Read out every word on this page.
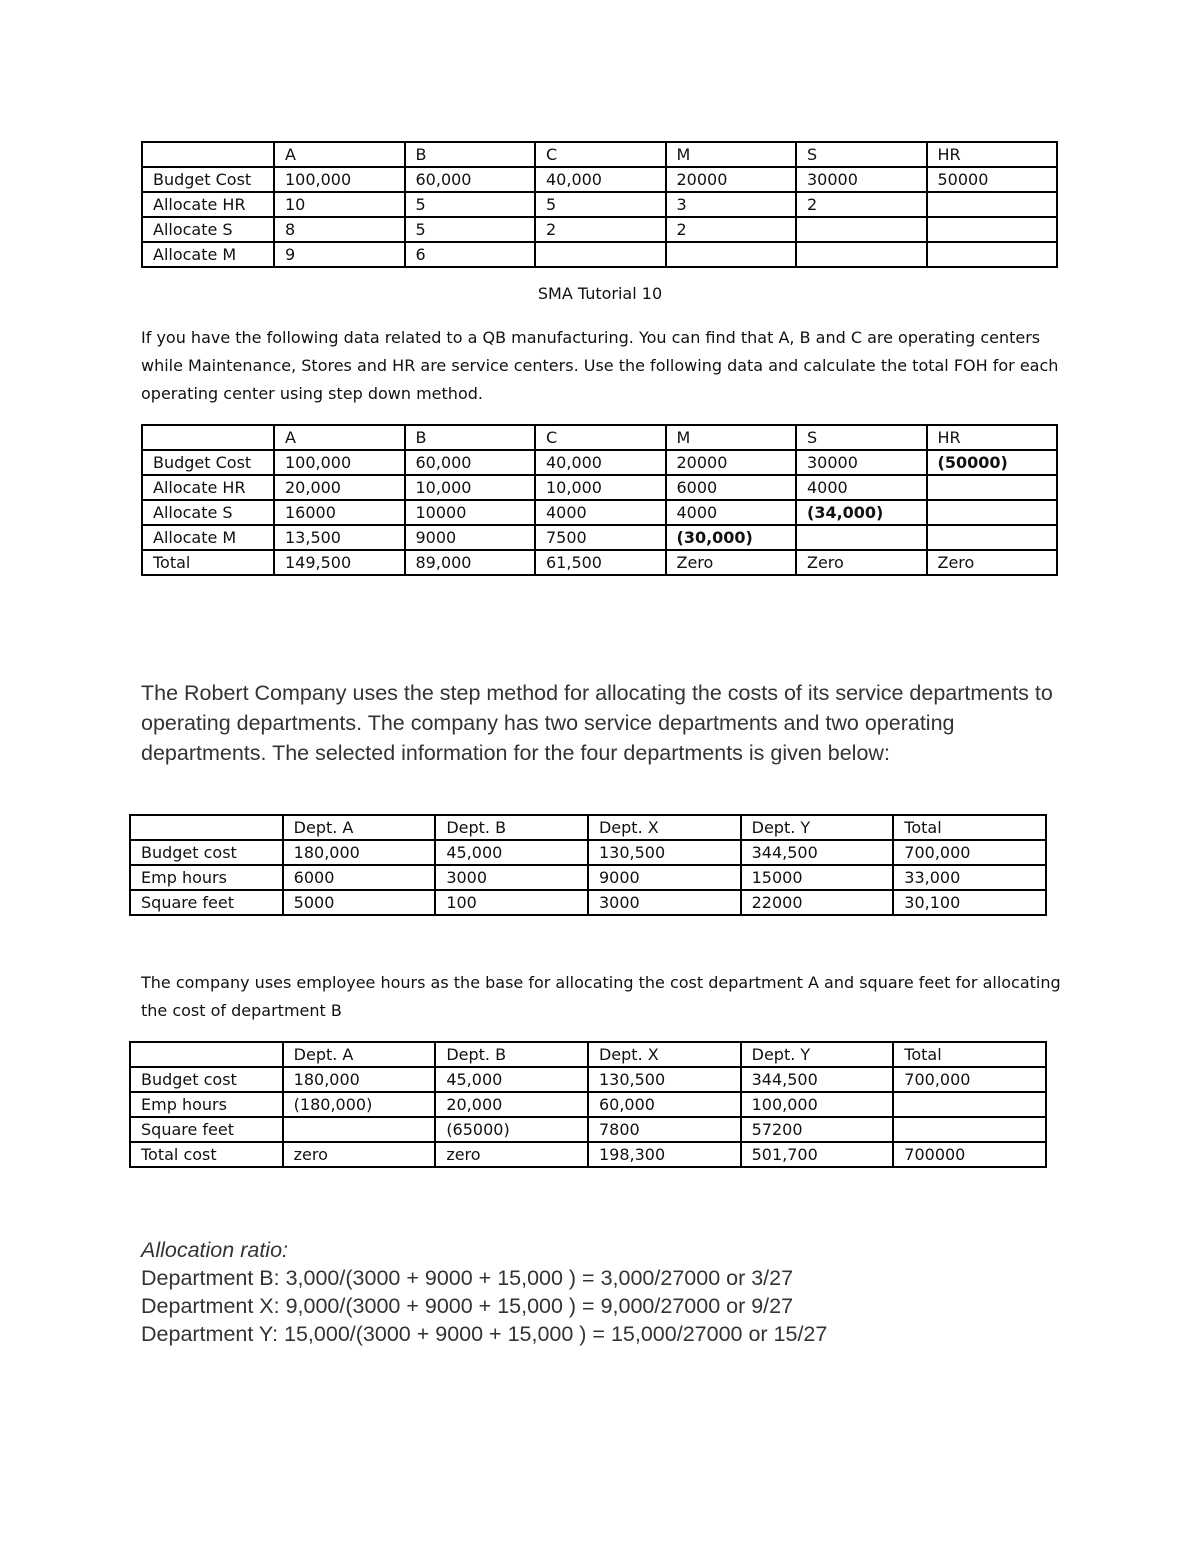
	A	B	C	M	S	HR
Budget Cost	100,000	60,000	40,000	20000	30000	50000
Allocate HR	10	5	5	3	2	
Allocate S	8	5	2	2		
Allocate M	9	6				
SMA Tutorial 10

If you have the following data related to a QB manufacturing. You can find that A, B and C are operating centers while Maintenance, Stores and HR are service centers. Use the following data and calculate the total FOH for each operating center using step down method.

	A	B	C	M	S	HR
Budget Cost	100,000	60,000	40,000	20000	30000	(50000)
Allocate HR	20,000	10,000	10,000	6000	4000	
Allocate S	16000	10000	4000	4000	(34,000)	
Allocate M	13,500	9000	7500	(30,000)		
Total	149,500	89,000	61,500	Zero	Zero	Zero

The Robert Company uses the step method for allocating the costs of its service departments to operating departments. The company has two service departments and two operating departments. The selected information for the four departments is given below:

	Dept. A	Dept. B	Dept. X	Dept. Y	Total
Budget cost	180,000	45,000	130,500	344,500	700,000
Emp hours	6000	3000	9000	15000	33,000
Square feet	5000	100	3000	22000	30,100

The company uses employee hours as the base for allocating the cost department A and square feet for allocating the cost of department B

	Dept. A	Dept. B	Dept. X	Dept. Y	Total
Budget cost	180,000	45,000	130,500	344,500	700,000
Emp hours	(180,000)	20,000	60,000	100,000	
Square feet		(65000)	7800	57200	
Total cost	zero	zero	198,300	501,700	700000
Allocation ratio:
Department B: 3,000/(3000 + 9000 + 15,000 ) = 3,000/27000 or 3/27
Department X: 9,000/(3000 + 9000 + 15,000 ) = 9,000/27000 or 9/27
Department Y: 15,000/(3000 + 9000 + 15,000 ) = 15,000/27000 or 15/27
